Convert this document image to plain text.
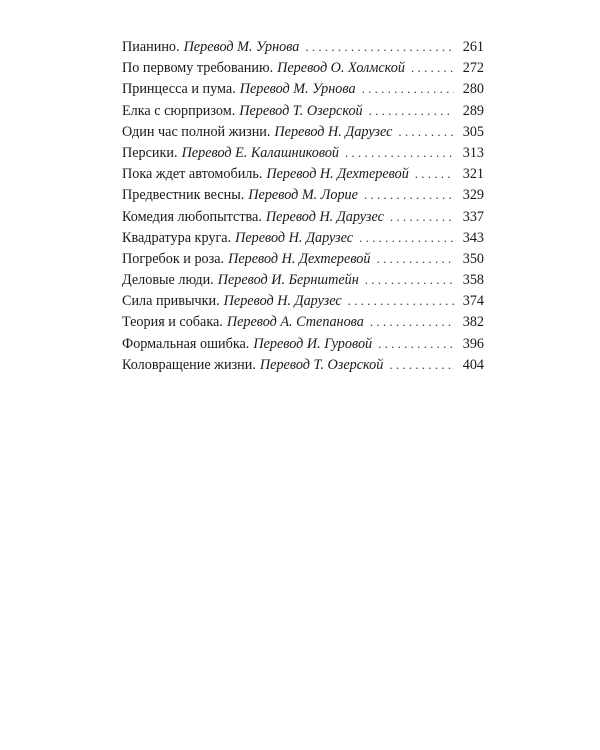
Пианино. Перевод М. Урнова . . .	261
По первому требованию. Перевод О. Холмской . . .	272
Принцесса и пума. Перевод М. Урнова . . .	280
Елка с сюрпризом. Перевод Т. Озерской . . .	289
Один час полной жизни. Перевод Н. Дарузес . . .	305
Персики. Перевод Е. Калашниковой . . .	313
Пока ждет автомобиль. Перевод Н. Дехтеревой . . .	321
Предвестник весны. Перевод М. Лорие . . .	329
Комедия любопытства. Перевод Н. Дарузес . . .	337
Квадратура круга. Перевод Н. Дарузес . . .	343
Погребок и роза. Перевод Н. Дехтеревой . . .	350
Деловые люди. Перевод И. Бернштейн . . .	358
Сила привычки. Перевод Н. Дарузес . . .	374
Теория и собака. Перевод А. Степанова . . .	382
Формальная ошибка. Перевод И. Гуровой . . .	396
Коловращение жизни. Перевод Т. Озерской . . .	404
